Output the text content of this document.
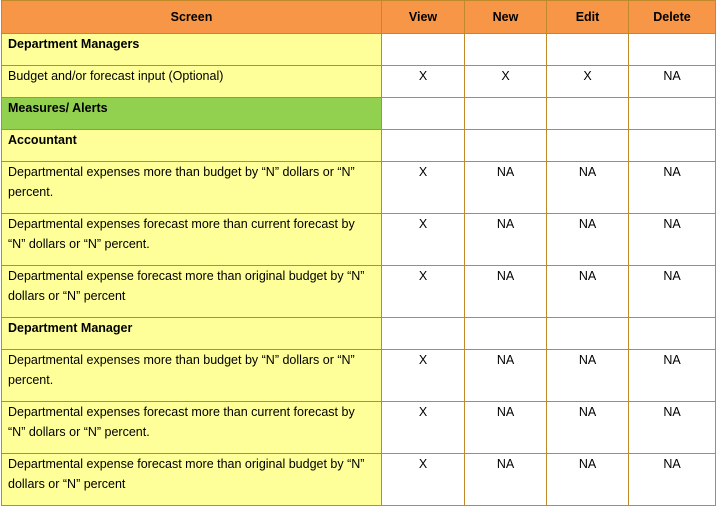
Screen	View	New	Edit	Delete
Department Managers				
Budget and/or forecast input (Optional)	X	X	X	NA
Measures/ Alerts				
Accountant				
Departmental expenses more than budget by “N” dollars or “N” percent.	X	NA	NA	NA
Departmental expenses forecast more than current forecast by “N” dollars or “N” percent.	X	NA	NA	NA
Departmental expense forecast more than original budget by “N” dollars or “N” percent	X	NA	NA	NA
Department Manager				
Departmental expenses more than budget by “N” dollars or “N” percent.	X	NA	NA	NA
Departmental expenses forecast more than current forecast by “N” dollars or “N” percent.	X	NA	NA	NA
Departmental expense forecast more than original budget by “N” dollars or “N” percent	X	NA	NA	NA
